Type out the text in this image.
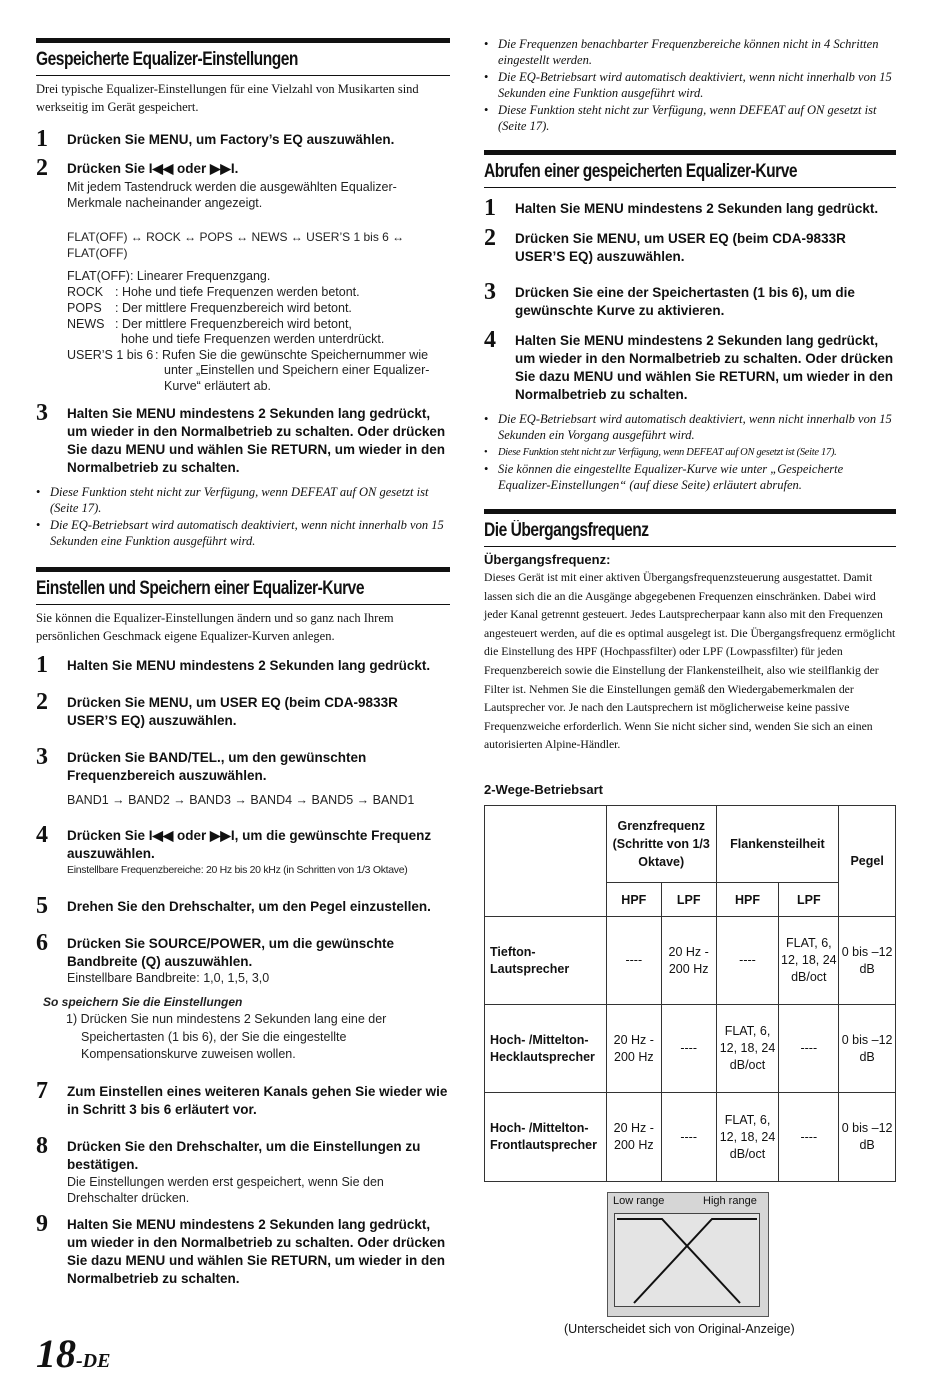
Gespeicherte Equalizer-Einstellungen
Drei typische Equalizer-Einstellungen für eine Vielzahl von Musikarten sind werkseitig im Gerät gespeichert.
1 Drücken Sie MENU, um Factory’s EQ auszuwählen.
2 Drücken Sie I◀◀ oder ▶▶I.
Mit jedem Tastendruck werden die ausgewählten Equalizer-Merkmale nacheinander angezeigt.
FLAT(OFF) ↔ ROCK ↔ POPS ↔ NEWS ↔ USER’S 1 bis 6 ↔
FLAT(OFF)
FLAT(OFF): Linearer Frequenzgang.
ROCK : Hohe und tiefe Frequenzen werden betont.
POPS : Der mittlere Frequenzbereich wird betont.
NEWS : Der mittlere Frequenzbereich wird betont,
hohe und tiefe Frequenzen werden unterdrückt.
USER’S 1 bis 6 : Rufen Sie die gewünschte Speichernummer wie
unter „Einstellen und Speichern einer Equalizer-
Kurve“ erläutert ab.
3 Halten Sie MENU mindestens 2 Sekunden lang gedrückt, um wieder in den Normalbetrieb zu schalten. Oder drücken Sie dazu MENU und wählen Sie RETURN, um wieder in den Normalbetrieb zu schalten.
• Diese Funktion steht nicht zur Verfügung, wenn DEFEAT auf ON gesetzt ist (Seite 17).
• Die EQ-Betriebsart wird automatisch deaktiviert, wenn nicht innerhalb von 15 Sekunden eine Funktion ausgeführt wird.
Einstellen und Speichern einer Equalizer-Kurve
Sie können die Equalizer-Einstellungen ändern und so ganz nach Ihrem persönlichen Geschmack eigene Equalizer-Kurven anlegen.
1 Halten Sie MENU mindestens 2 Sekunden lang gedrückt.
2 Drücken Sie MENU, um USER EQ (beim CDA-9833R USER’S EQ) auszuwählen.
3 Drücken Sie BAND/TEL., um den gewünschten Frequenzbereich auszuwählen.
BAND1 → BAND2 → BAND3 → BAND4 → BAND5 → BAND1
4 Drücken Sie I◀◀ oder ▶▶I, um die gewünschte Frequenz auszuwählen.
Einstellbare Frequenzbereiche: 20 Hz bis 20 kHz (in Schritten von 1/3 Oktave)
5 Drehen Sie den Drehschalter, um den Pegel einzustellen.
6 Drücken Sie SOURCE/POWER, um die gewünschte Bandbreite (Q) auszuwählen.
Einstellbare Bandbreite: 1,0, 1,5, 3,0
So speichern Sie die Einstellungen
1) Drücken Sie nun mindestens 2 Sekunden lang eine der
Speichertasten (1 bis 6), der Sie die eingestellte
Kompensationskurve zuweisen wollen.
7 Zum Einstellen eines weiteren Kanals gehen Sie wieder wie in Schritt 3 bis 6 erläutert vor.
8 Drücken Sie den Drehschalter, um die Einstellungen zu bestätigen.
Die Einstellungen werden erst gespeichert, wenn Sie den Drehschalter drücken.
9 Halten Sie MENU mindestens 2 Sekunden lang gedrückt, um wieder in den Normalbetrieb zu schalten. Oder drücken Sie dazu MENU und wählen Sie RETURN, um wieder in den Normalbetrieb zu schalten.
18-DE
• Die Frequenzen benachbarter Frequenzbereiche können nicht in 4 Schritten eingestellt werden.
• Die EQ-Betriebsart wird automatisch deaktiviert, wenn nicht innerhalb von 15 Sekunden eine Funktion ausgeführt wird.
• Diese Funktion steht nicht zur Verfügung, wenn DEFEAT auf ON gesetzt ist (Seite 17).
Abrufen einer gespeicherten Equalizer-Kurve
1 Halten Sie MENU mindestens 2 Sekunden lang gedrückt.
2 Drücken Sie MENU, um USER EQ (beim CDA-9833R USER’S EQ) auszuwählen.
3 Drücken Sie eine der Speichertasten (1 bis 6), um die gewünschte Kurve zu aktivieren.
4 Halten Sie MENU mindestens 2 Sekunden lang gedrückt, um wieder in den Normalbetrieb zu schalten. Oder drücken Sie dazu MENU und wählen Sie RETURN, um wieder in den Normalbetrieb zu schalten.
• Die EQ-Betriebsart wird automatisch deaktiviert, wenn nicht innerhalb von 15 Sekunden ein Vorgang ausgeführt wird.
• Diese Funktion steht nicht zur Verfügung, wenn DEFEAT auf ON gesetzt ist (Seite 17).
• Sie können die eingestellte Equalizer-Kurve wie unter „Gespeicherte Equalizer-Einstellungen“ (auf diese Seite) erläutert abrufen.
Die Übergangsfrequenz
Übergangsfrequenz:
Dieses Gerät ist mit einer aktiven Übergangsfrequenzsteuerung ausgestattet. Damit lassen sich die an die Ausgänge abgegebenen Frequenzen einschränken. Dabei wird jeder Kanal getrennt gesteuert. Jedes Lautsprecherpaar kann also mit den Frequenzen angesteuert werden, auf die es optimal ausgelegt ist. Die Übergangsfrequenz ermöglicht die Einstellung des HPF (Hochpassfilter) oder LPF (Lowpassfilter) für jeden Frequenzbereich sowie die Einstellung der Flankensteilheit, also wie steilflankig der Filter ist. Nehmen Sie die Einstellungen gemäß den Wiedergabemerkmalen der Lautsprecher vor. Je nach den Lautsprechern ist möglicherweise keine passive Frequenzweiche erforderlich. Wenn Sie nicht sicher sind, wenden Sie sich an einen autorisierten Alpine-Händler.
2-Wege-Betriebsart
	Grenzfrequenz (Schritte von 1/3 Oktave)		Flankensteilheit		Pegel
	HPF	LPF	HPF	LPF	
Tiefton-Lautsprecher	----	20 Hz - 200 Hz	----	FLAT, 6, 12, 18, 24 dB/oct	0 bis –12 dB
Hoch- /Mittelton-Hecklautsprecher	20 Hz - 200 Hz	----	FLAT, 6, 12, 18, 24 dB/oct	----	0 bis –12 dB
Hoch- /Mittelton-Frontlautsprecher	20 Hz - 200 Hz	----	FLAT, 6, 12, 18, 24 dB/oct	----	0 bis –12 dB
Low range	High range
(Unterscheidet sich von Original-Anzeige)
